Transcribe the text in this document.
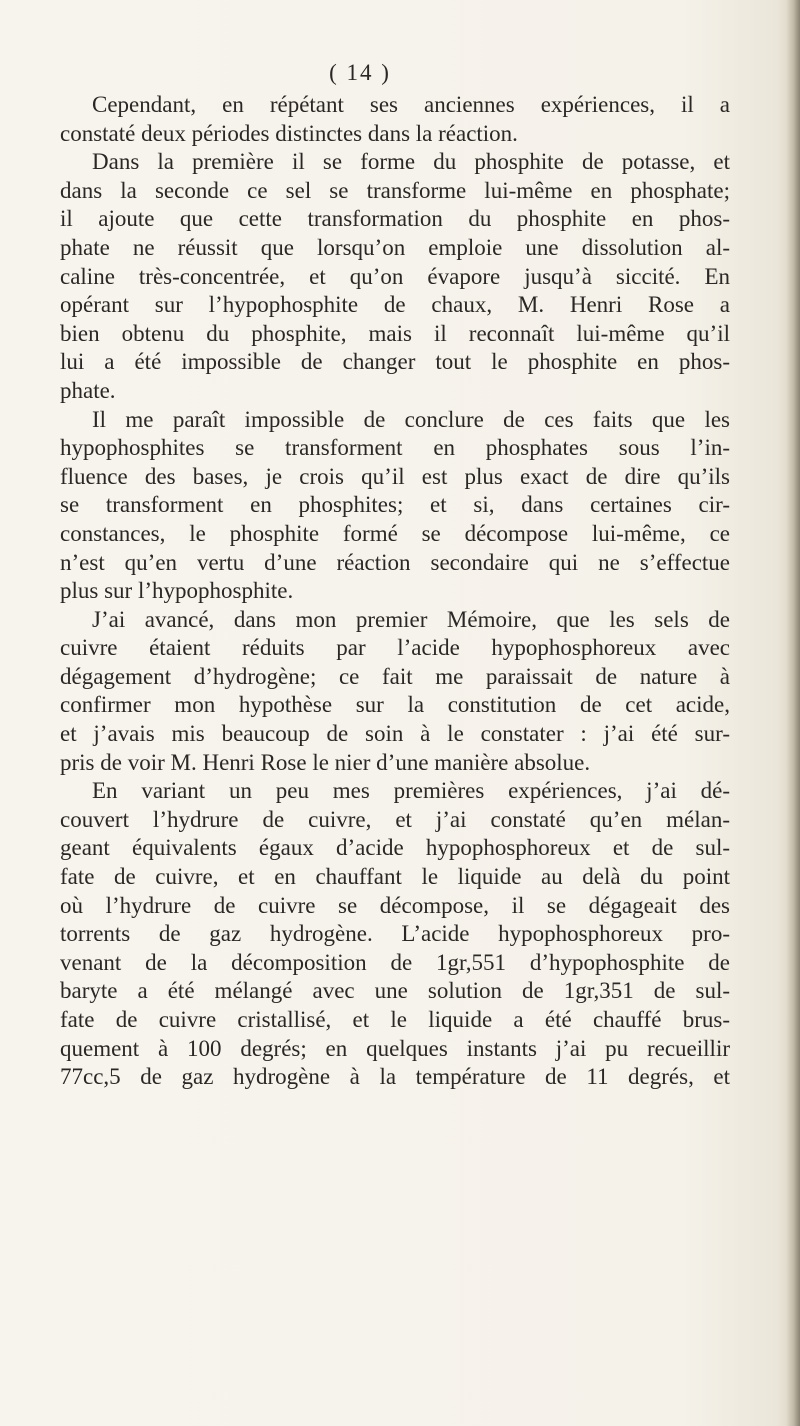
( 14 )
Cependant, en répétant ses anciennes expériences, il a
constaté deux périodes distinctes dans la réaction.
Dans la première il se forme du phosphite de potasse, et
dans la seconde ce sel se transforme lui-même en phosphate;
il ajoute que cette transformation du phosphite en phos-
phate ne réussit que lorsqu’on emploie une dissolution al-
caline très-concentrée, et qu’on évapore jusqu’à siccité. En
opérant sur l’hypophosphite de chaux, M. Henri Rose a
bien obtenu du phosphite, mais il reconnaît lui-même qu’il
lui a été impossible de changer tout le phosphite en phos-
phate.
Il me paraît impossible de conclure de ces faits que les
hypophosphites se transforment en phosphates sous l’in-
fluence des bases, je crois qu’il est plus exact de dire qu’ils
se transforment en phosphites; et si, dans certaines cir-
constances, le phosphite formé se décompose lui-même, ce
n’est qu’en vertu d’une réaction secondaire qui ne s’effectue
plus sur l’hypophosphite.
J’ai avancé, dans mon premier Mémoire, que les sels de
cuivre étaient réduits par l’acide hypophosphoreux avec
dégagement d’hydrogène; ce fait me paraissait de nature à
confirmer mon hypothèse sur la constitution de cet acide,
et j’avais mis beaucoup de soin à le constater : j’ai été sur-
pris de voir M. Henri Rose le nier d’une manière absolue.
En variant un peu mes premières expériences, j’ai dé-
couvert l’hydrure de cuivre, et j’ai constaté qu’en mélan-
geant équivalents égaux d’acide hypophosphoreux et de sul-
fate de cuivre, et en chauffant le liquide au delà du point
où l’hydrure de cuivre se décompose, il se dégageait des
torrents de gaz hydrogène. L’acide hypophosphoreux pro-
venant de la décomposition de 1gr,551 d’hypophosphite de
baryte a été mélangé avec une solution de 1gr,351 de sul-
fate de cuivre cristallisé, et le liquide a été chauffé brus-
quement à 100 degrés; en quelques instants j’ai pu recueillir
77cc,5 de gaz hydrogène à la température de 11 degrés, et
